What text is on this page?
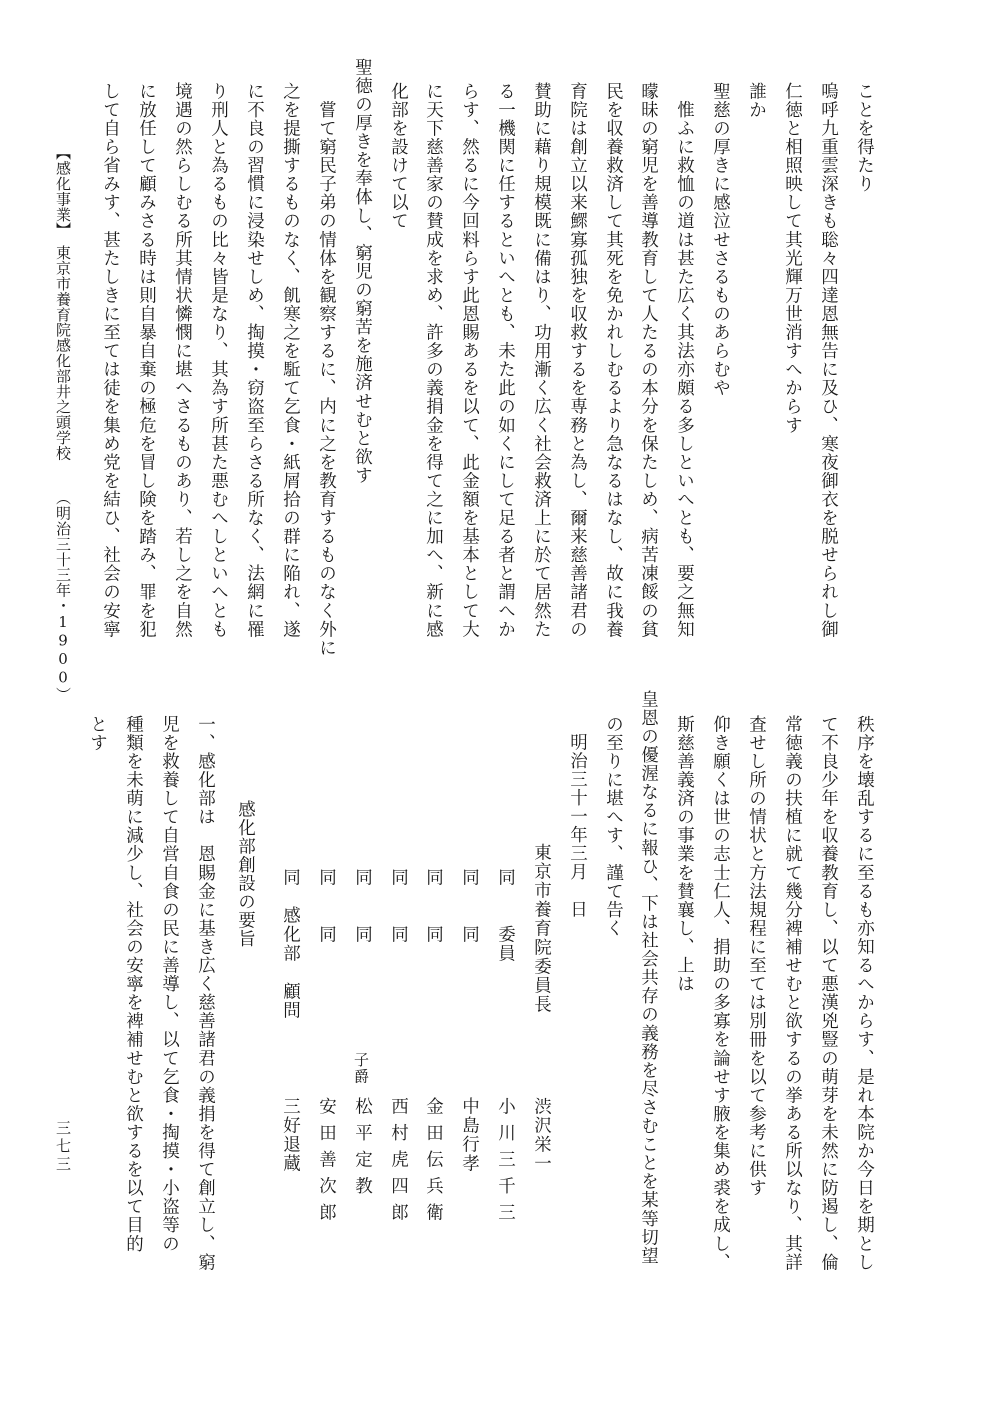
ことを得たり
嗚呼九重雲深きも聡々四達恩無告に及ひ、寒夜御衣を脱せられし御
仁徳と相照映して其光輝万世消すへからす
誰か
聖慈の厚きに感泣せさるものあらむや
　惟ふに救恤の道は甚た広く其法亦頗る多しといへとも、要之無知
曚昧の窮児を善導教育して人たるの本分を保たしめ、病苦凍餒の貧
民を収養救済して其死を免かれしむるより急なるはなし、故に我養
育院は創立以来鰥寡孤独を収救するを専務と為し、爾来慈善諸君の
賛助に藉り規模既に備はり、功用漸く広く社会救済上に於て居然た
る一機関に任するといへとも、未た此の如くにして足る者と謂へか
らす、然るに今回料らす此恩賜あるを以て、此金額を基本として大
に天下慈善家の賛成を求め、許多の義捐金を得て之に加へ、新に感
化部を設けて以て
聖徳の厚きを奉体し、窮児の窮苦を施済せむと欲す
　嘗て窮民子弟の情体を観察するに、内に之を教育するものなく外に
之を提撕するものなく、飢寒之を駈て乞食・紙屑拾の群に陥れ、遂
に不良の習慣に浸染せしめ、掏摸・窃盗至らさる所なく、法網に罹
り刑人と為るもの比々皆是なり、其為す所甚た悪むへしといへとも
境遇の然らしむる所其情状憐憫に堪へさるものあり、若し之を自然
に放任して顧みさる時は則自暴自棄の極危を冒し険を踏み、罪を犯
して自ら省みす、甚たしきに至ては徒を集め党を結ひ、社会の安寧
【感化事業】
東京市養育院感化部井之頭学校
（明治三十三年・1900）
秩序を壊乱するに至るも亦知るへからす、是れ本院か今日を期とし
て不良少年を収養教育し、以て悪漢兇豎の萌芽を未然に防遏し、倫
常徳義の扶植に就て幾分裨補せむと欲するの挙ある所以なり、其詳
査せし所の情状と方法規程に至ては別冊を以て参考に供す
仰き願くは世の志士仁人、捐助の多寡を論せす腋を集め裘を成し、
斯慈善義済の事業を賛襄し、上は
皇恩の優渥なるに報ひ、下は社会共存の義務を尽さむことを某等切望
の至りに堪へす、謹て告く
明治三十一年三月　日
東京市養育院委員長
渋沢栄一
同　　委員
小川三千三
同　　同
中島行孝
同　　同
金田伝兵衛
同　　同
西村虎四郎
同　　同
子爵
松平定教
同　　同
安田善次郎
同　感化部　顧問
三好退蔵
感化部創設の要旨
一、感化部は　恩賜金に基き広く慈善諸君の義捐を得て創立し、窮
児を救養して自営自食の民に善導し、以て乞食・掏摸・小盗等の
種類を未萌に減少し、社会の安寧を裨補せむと欲するを以て目的
とす
三七三
